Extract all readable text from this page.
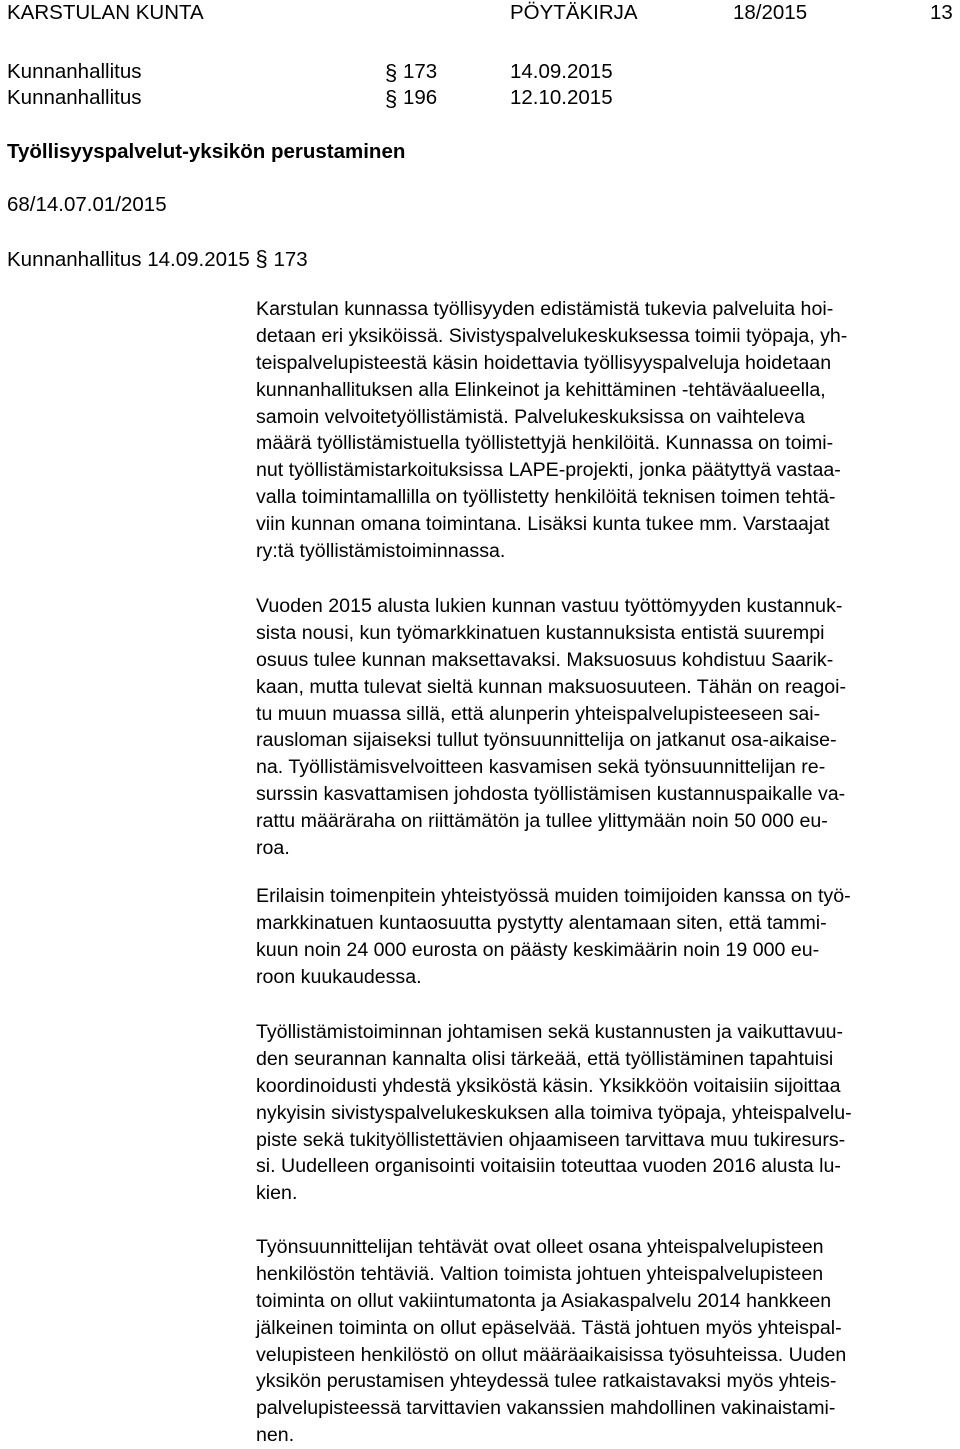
KARSTULAN KUNTA	PÖYTÄKIRJA	18/2015	13
Kunnanhallitus	§ 173	14.09.2015
Kunnanhallitus	§ 196	12.10.2015
Työllisyyspalvelut-yksikön perustaminen
68/14.07.01/2015
Kunnanhallitus 14.09.2015 § 173
Karstulan kunnassa työllisyyden edistämistä tukevia palveluita hoi-
detaan eri yksiköissä. Sivistyspalvelukeskuksessa toimii työpaja, yh-
teispalvelupisteestä käsin hoidettavia työllisyyspalveluja hoidetaan
kunnanhallituksen alla Elinkeinot ja kehittäminen -tehtäväalueella,
samoin velvoitetyöllistämistä. Palvelukeskuksissa on vaihteleva
määrä työllistämistuella työllistettyjä henkilöitä. Kunnassa on toimi-
nut työllistämistarkoituksissa LAPE-projekti, jonka päätyttyä vastaa-
valla toimintamallilla on työllistetty henkilöitä teknisen toimen tehtä-
viin kunnan omana toimintana. Lisäksi kunta tukee mm. Varstaajat
ry:tä työllistämistoiminnassa.
Vuoden 2015 alusta lukien kunnan vastuu työttömyyden kustannuk-
sista nousi, kun työmarkkinatuen kustannuksista entistä suurempi
osuus tulee kunnan maksettavaksi. Maksuosuus kohdistuu Saarik-
kaan, mutta tulevat sieltä kunnan maksuosuuteen. Tähän on reagoi-
tu muun muassa sillä, että alunperin yhteispalvelupisteeseen sai-
rausloman sijaiseksi tullut työnsuunnittelija on jatkanut osa-aikaise-
na. Työllistämisvelvoitteen kasvamisen sekä työnsuunnittelijan re-
surssin kasvattamisen johdosta työllistämisen kustannuspaikalle va-
rattu määräraha on riittämätön ja tullee ylittymään noin 50 000 eu-
roa.
Erilaisin toimenpitein yhteistyössä muiden toimijoiden kanssa on työ-
markkinatuen kuntaosuutta pystytty alentamaan siten, että tammi-
kuun noin 24 000 eurosta on päästy keskimäärin noin 19 000 eu-
roon kuukaudessa.
Työllistämistoiminnan johtamisen sekä kustannusten ja vaikuttavuu-
den seurannan kannalta olisi tärkeää, että työllistäminen tapahtuisi
koordinoidusti yhdestä yksiköstä käsin. Yksikköön voitaisiin sijoittaa
nykyisin sivistyspalvelukeskuksen alla toimiva työpaja, yhteispalvelu-
piste sekä tukityöllistettävien ohjaamiseen tarvittava muu tukiresurs-
si. Uudelleen organisointi voitaisiin toteuttaa vuoden 2016 alusta lu-
kien.
Työnsuunnittelijan tehtävät ovat olleet osana yhteispalvelupisteen
henkilöstön tehtäviä. Valtion toimista johtuen yhteispalvelupisteen
toiminta on ollut vakiintumatonta ja Asiakaspalvelu 2014 hankkeen
jälkeinen toiminta on ollut epäselvää. Tästä johtuen myös yhteispal-
velupisteen henkilöstö on ollut määräaikaisissa työsuhteissa. Uuden
yksikön perustamisen yhteydessä tulee ratkaistavaksi myös yhteis-
palvelupisteessä tarvittavien vakanssien mahdollinen vakinaistami-
nen.
